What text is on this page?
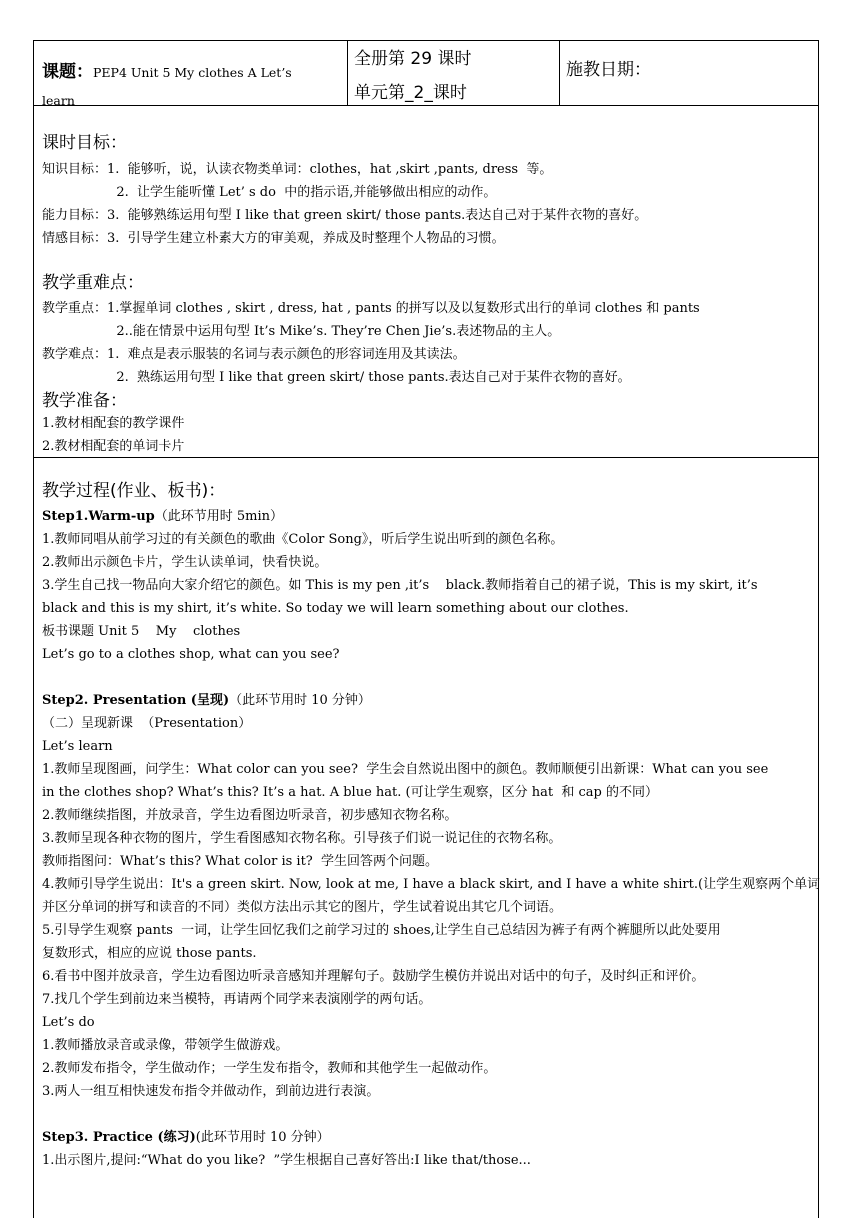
课题：PEP4 Unit 5 My clothes A Let’s
learn
全册第 29 课时
单元第_2_课时
施教日期：
课时目标：
知识目标：1.  能够听，说，认读衣物类单词：clothes，hat ,skirt ,pants, dress  等。
2.  让学生能听懂 Let’ s do  中的指示语,并能够做出相应的动作。
能力目标：3.  能够熟练运用句型 I like that green skirt/ those pants.表达自己对于某件衣物的喜好。
情感目标：3.  引导学生建立朴素大方的审美观，养成及时整理个人物品的习惯。
教学重难点：
教学重点：1.掌握单词 clothes , skirt , dress, hat , pants 的拼写以及以复数形式出行的单词 clothes 和 pants
2..能在情景中运用句型 It’s Mike’s. They’re Chen Jie’s.表述物品的主人。
教学难点：1.  难点是表示服装的名词与表示颜色的形容词连用及其读法。
2.  熟练运用句型 I like that green skirt/ those pants.表达自己对于某件衣物的喜好。
教学准备：
1.教材相配套的教学课件
2.教材相配套的单词卡片
教学过程(作业、板书)：
Step1.Warm-up（此环节用时 5min）
1.教师同唱从前学习过的有关颜色的歌曲《Color Song》，听后学生说出听到的颜色名称。
2.教师出示颜色卡片，学生认读单词，快看快说。
3.学生自己找一物品向大家介绍它的颜色。如 This is my pen ,it’s    black.教师指着自己的裙子说，This is my skirt, it’s
black and this is my shirt, it’s white. So today we will learn something about our clothes.
板书课题 Unit 5    My    clothes
Let’s go to a clothes shop, what can you see?
Step2. Presentation (呈现)（此环节用时 10 分钟）
（二）呈现新课  （Presentation）
Let’s learn
1.教师呈现图画，问学生：What color can you see?  学生会自然说出图中的颜色。教师顺便引出新课：What can you see
in the clothes shop? What’s this? It’s a hat. A blue hat. (可让学生观察，区分 hat  和 cap 的不同）
2.教师继续指图，并放录音，学生边看图边听录音，初步感知衣物名称。
3.教师呈现各种衣物的图片，学生看图感知衣物名称。引导孩子们说一说记住的衣物名称。
教师指图问：What’s this? What color is it?  学生回答两个问题。
4.教师引导学生说出：It's a green skirt. Now, look at me, I have a black skirt, and I have a white shirt.(让学生观察两个单词
并区分单词的拼写和读音的不同）类似方法出示其它的图片，学生试着说出其它几个词语。
5.引导学生观察 pants  一词，让学生回忆我们之前学习过的 shoes,让学生自己总结因为裤子有两个裤腿所以此处要用
复数形式，相应的应说 those pants.
6.看书中图并放录音，学生边看图边听录音感知并理解句子。鼓励学生模仿并说出对话中的句子，及时纠正和评价。
7.找几个学生到前边来当模特，再请两个同学来表演刚学的两句话。
Let’s do
1.教师播放录音或录像，带领学生做游戏。
2.教师发布指令，学生做动作；一学生发布指令，教师和其他学生一起做动作。
3.两人一组互相快速发布指令并做动作，到前边进行表演。
Step3. Practice (练习)(此环节用时 10 分钟）
1.出示图片,提问:“What do you like?  ”学生根据自己喜好答出:I like that/those...
